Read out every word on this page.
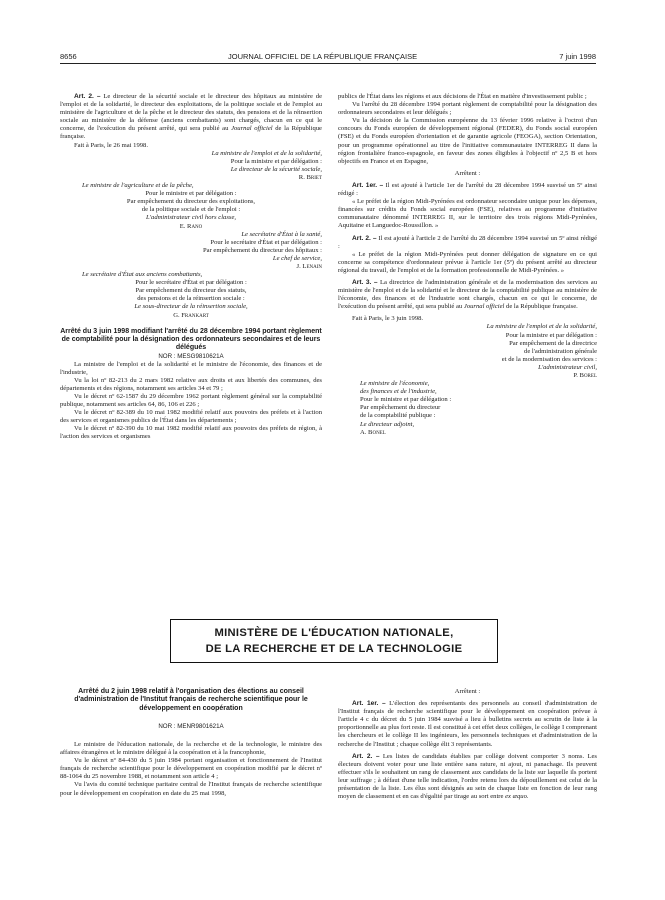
8656	JOURNAL OFFICIEL DE LA RÉPUBLIQUE FRANÇAISE	7 juin 1998

Art. 2. – Le directeur de la sécurité sociale et le directeur des hôpitaux au ministère de l'emploi et de la solidarité, le directeur des exploitations, de la politique sociale et de l'emploi au ministère de l'agriculture et de la pêche et le directeur des statuts, des pensions et de la réinsertion sociale au ministère de la défense (anciens combattants) sont chargés, chacun en ce qui le concerne, de l'exécution du présent arrêté, qui sera publié au Journal officiel de la République française.

Fait à Paris, le 26 mai 1998.

La ministre de l'emploi et de la solidarité,

Pour la ministre et par délégation :

Le directeur de la sécurité sociale,

R. Briet

Le ministre de l'agriculture et de la pêche,

Pour le ministre et par délégation :

Par empêchement du directeur des exploitations,

de la politique sociale et de l'emploi :

L'administrateur civil hors classe,

E. Rano

Le secrétaire d'État à la santé,

Pour le secrétaire d'État et par délégation :

Par empêchement du directeur des hôpitaux :

Le chef de service,

J. Lenain

Le secrétaire d'État aux anciens combattants,

Pour le secrétaire d'État et par délégation :

Par empêchement du directeur des statuts,

des pensions et de la réinsertion sociale :

Le sous-directeur de la réinsertion sociale,

G. Frankart

Arrêté du 3 juin 1998 modifiant l'arrêté du 28 décembre 1994 portant règlement de comptabilité pour la désignation des ordonnateurs secondaires et de leurs délégués

NOR : MESG9810621A

La ministre de l'emploi et de la solidarité et le ministre de l'économie, des finances et de l'industrie,

Vu la loi nº 82-213 du 2 mars 1982 relative aux droits et aux libertés des communes, des départements et des régions, notamment ses articles 34 et 79 ;

Vu le décret nº 62-1587 du 29 décembre 1962 portant règlement général sur la comptabilité publique, notamment ses articles 64, 86, 106 et 226 ;

Vu le décret nº 82-389 du 10 mai 1982 modifié relatif aux pouvoirs des préfets et à l'action des services et organismes publics de l'État dans les départements ;

Vu le décret nº 82-390 du 10 mai 1982 modifié relatif aux pouvoirs des préfets de région, à l'action des services et organismes

publics de l'État dans les régions et aux décisions de l'État en matière d'investissement public ;

Vu l'arrêté du 28 décembre 1994 portant règlement de comptabilité pour la désignation des ordonnateurs secondaires et leur délégués ;

Vu la décision de la Commission européenne du 13 février 1996 relative à l'octroi d'un concours du Fonds européen de développement régional (FEDER), du Fonds social européen (FSE) et du Fonds européen d'orientation et de garantie agricole (FEOGA), section Orientation, pour un programme opérationnel au titre de l'initiative communautaire INTERREG II dans la région frontalière franco-espagnole, en faveur des zones éligibles à l'objectif nº 2,5 B et hors objectifs en France et en Espagne,

Arrêtent :

Art. 1er. – Il est ajouté à l'article 1er de l'arrêté du 28 décembre 1994 susvisé un 5º ainsi rédigé :

« Le préfet de la région Midi-Pyrénées est ordonnateur secondaire unique pour les dépenses, financées sur crédits du Fonds social européen (FSE), relatives au programme d'initiative communautaire dénommé INTERREG II, sur le territoire des trois régions Midi-Pyrénées, Aquitaine et Languedoc-Roussillon. »

Art. 2. – Il est ajouté à l'article 2 de l'arrêté du 28 décembre 1994 susvisé un 5º ainsi rédigé :

« Le préfet de la région Midi-Pyrénées peut donner délégation de signature en ce qui concerne sa compétence d'ordonnateur prévue à l'article 1er (5º) du présent arrêté au directeur régional du travail, de l'emploi et de la formation professionnelle de Midi-Pyrénées. »

Art. 3. – La directrice de l'administration générale et de la modernisation des services au ministère de l'emploi et de la solidarité et le directeur de la comptabilité publique au ministère de l'économie, des finances et de l'industrie sont chargés, chacun en ce qui le concerne, de l'exécution du présent arrêté, qui sera publié au Journal officiel de la République française.

Fait à Paris, le 3 juin 1998.

La ministre de l'emploi et de la solidarité,

Pour la ministre et par délégation :

Par empêchement de la directrice

de l'administration générale

et de la modernisation des services :

L'administrateur civil,

P. Borel

Le ministre de l'économie,

des finances et de l'industrie,

Pour le ministre et par délégation :

Par empêchement du directeur

de la comptabilité publique :

Le directeur adjoint,

A. Bonel

MINISTÈRE DE L'ÉDUCATION NATIONALE,
DE LA RECHERCHE ET DE LA TECHNOLOGIE

Arrêté du 2 juin 1998 relatif à l'organisation des élections au conseil d'administration de l'Institut français de recherche scientifique pour le développement en coopération

NOR : MENR9801621A

Le ministre de l'éducation nationale, de la recherche et de la technologie, le ministre des affaires étrangères et le ministre délégué à la coopération et à la francophonie,

Vu le décret nº 84-430 du 5 juin 1984 portant organisation et fonctionnement de l'Institut français de recherche scientifique pour le développement en coopération modifié par le décret nº 88-1064 du 25 novembre 1988, et notamment son article 4 ;

Vu l'avis du comité technique paritaire central de l'Institut français de recherche scientifique pour le développement en coopération en date du 25 mai 1998,

Arrêtent :

Art. 1er. – L'élection des représentants des personnels au conseil d'administration de l'Institut français de recherche scientifique pour le développement en coopération prévue à l'article 4 c du décret du 5 juin 1984 susvisé a lieu à bulletins secrets au scrutin de liste à la proportionnelle au plus fort reste. Il est constitué à cet effet deux collèges, le collège I comprenant les chercheurs et le collège II les ingénieurs, les personnels techniques et d'administration de la recherche de l'Institut ; chaque collège élit 3 représentants.

Art. 2. – Les listes de candidats établies par collège doivent comporter 3 noms. Les électeurs doivent voter pour une liste entière sans rature, ni ajout, ni panachage. Ils peuvent effectuer s'ils le souhaitent un rang de classement aux candidats de la liste sur laquelle ils portent leur suffrage ; à défaut d'une telle indication, l'ordre retenu lors du dépouillement est celui de la présentation de la liste. Les élus sont désignés au sein de chaque liste en fonction de leur rang moyen de classement et en cas d'égalité par tirage au sort entre ex æquo.
